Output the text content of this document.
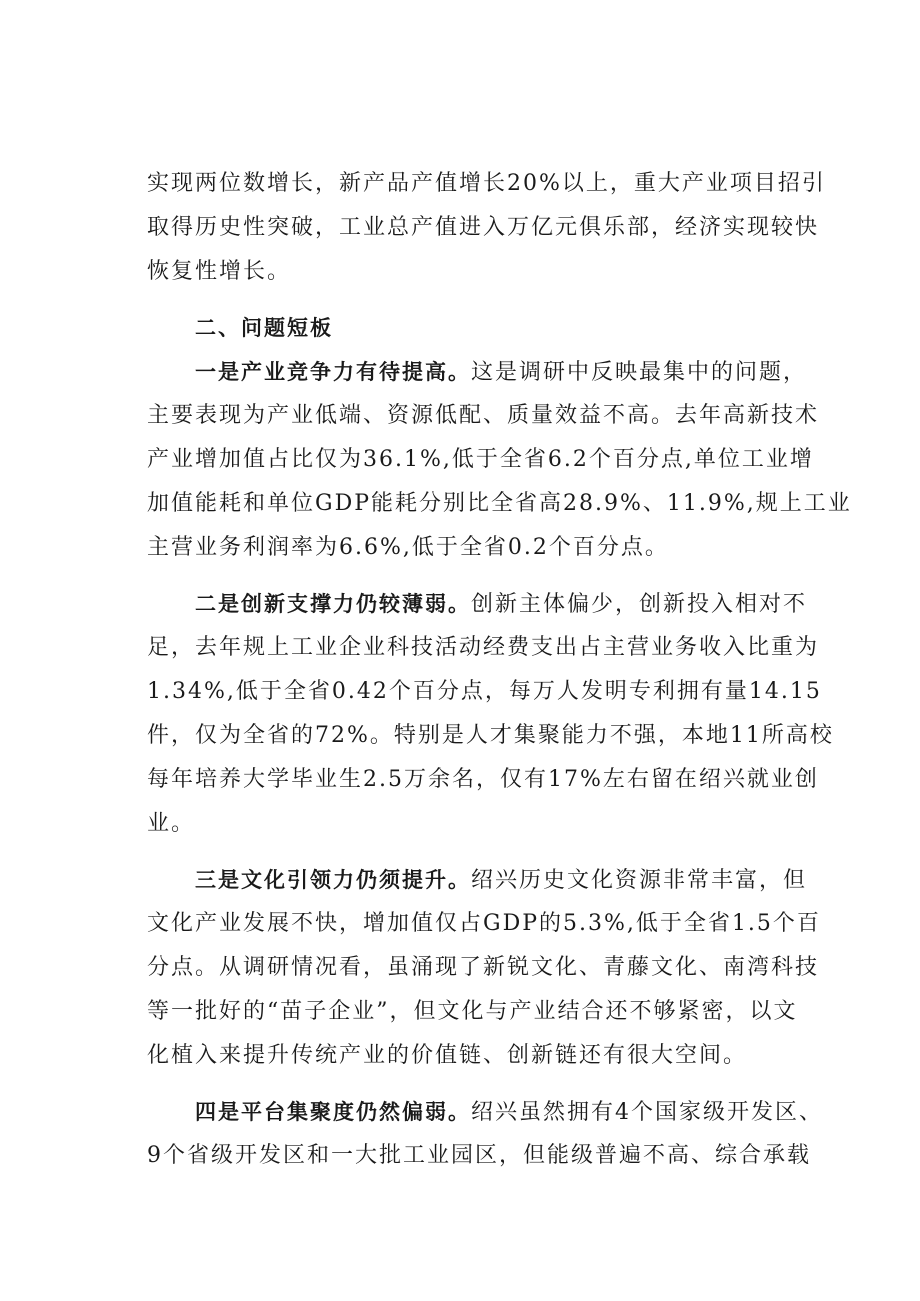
实现两位数增长，新产品产值增长20%以上，重大产业项目招引
取得历史性突破，工业总产值进入万亿元俱乐部，经济实现较快
恢复性增长。
二、问题短板
一是产业竞争力有待提高。这是调研中反映最集中的问题，
主要表现为产业低端、资源低配、质量效益不高。去年高新技术
产业增加值占比仅为36.1%,低于全省6.2个百分点,单位工业增
加值能耗和单位GDP能耗分别比全省高28.9%、11.9%,规上工业
主营业务利润率为6.6%,低于全省0.2个百分点。
二是创新支撑力仍较薄弱。创新主体偏少，创新投入相对不
足，去年规上工业企业科技活动经费支出占主营业务收入比重为
1.34%,低于全省0.42个百分点，每万人发明专利拥有量14.15
件，仅为全省的72%。特别是人才集聚能力不强，本地11所高校
每年培养大学毕业生2.5万余名，仅有17%左右留在绍兴就业创
业。
三是文化引领力仍须提升。绍兴历史文化资源非常丰富，但
文化产业发展不快，增加值仅占GDP的5.3%,低于全省1.5个百
分点。从调研情况看，虽涌现了新锐文化、青藤文化、南湾科技
等一批好的“苗子企业”，但文化与产业结合还不够紧密，以文
化植入来提升传统产业的价值链、创新链还有很大空间。
四是平台集聚度仍然偏弱。绍兴虽然拥有4个国家级开发区、
9个省级开发区和一大批工业园区，但能级普遍不高、综合承载
